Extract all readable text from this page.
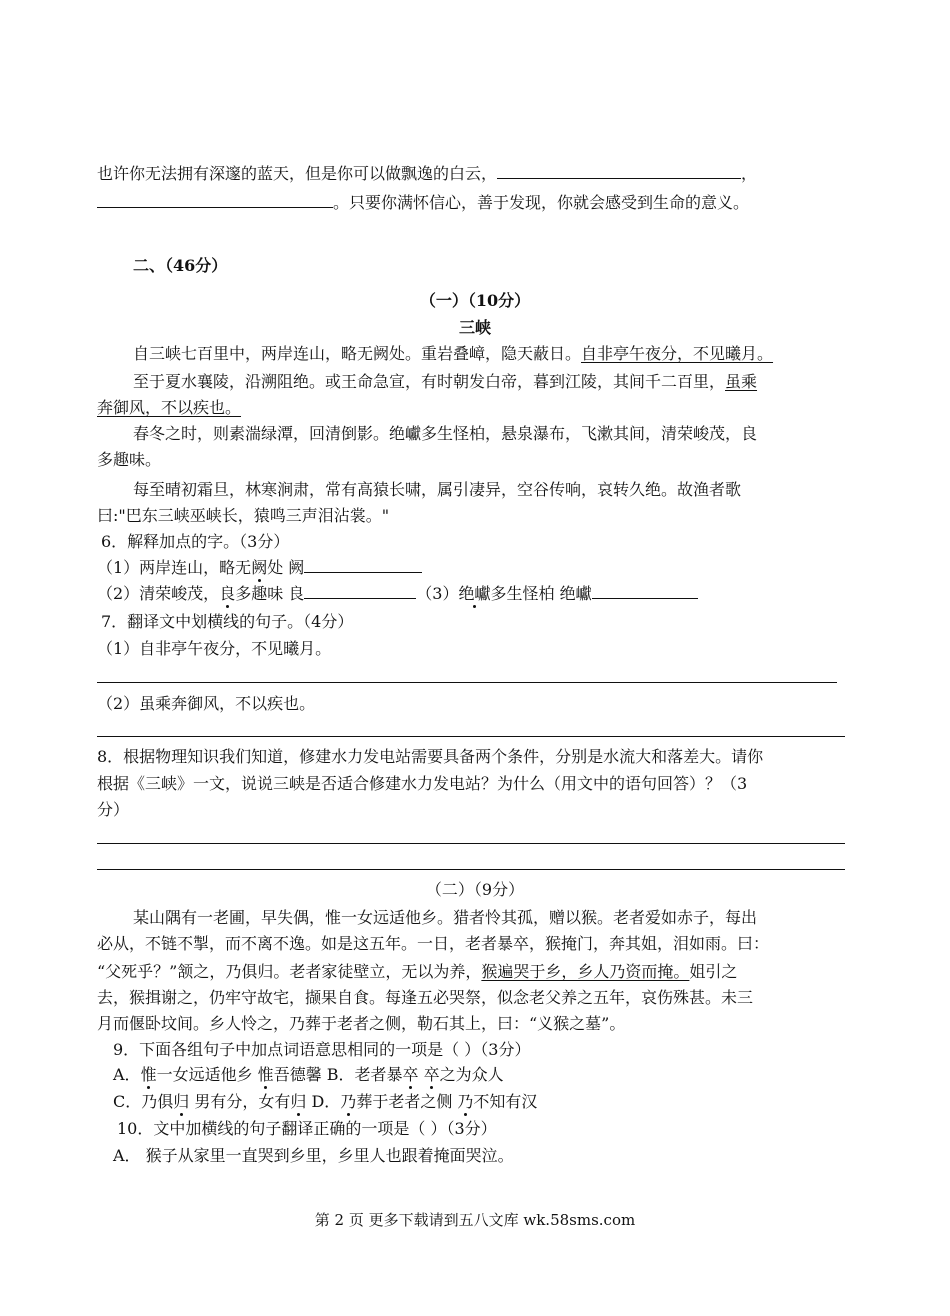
也许你无法拥有深邃的蓝天，但是你可以做飘逸的白云，	，
。只要你满怀信心，善于发现，你就会感受到生命的意义。
二、（46分）
（一）（10分）
三峡
自三峡七百里中，两岸连山，略无阙处。重岩叠嶂，隐天蔽日。自非亭午夜分，不见曦月。
至于夏水襄陵，沿溯阻绝。或王命急宣，有时朝发白帝，暮到江陵，其间千二百里，虽乘
奔御风，不以疾也。
春冬之时，则素湍绿潭，回清倒影。绝巘多生怪柏，悬泉瀑布，飞漱其间，清荣峻茂，良
多趣味。
每至晴初霜旦，林寒涧肃，常有高猿长啸，属引凄异，空谷传响，哀转久绝。故渔者歌
曰:"巴东三峡巫峡长，猿鸣三声泪沾裳。"
6．解释加点的字。（3分）
（1）两岸连山，略无阙处 阙
（2）清荣峻茂，良多趣味 良	（3）绝巘多生怪柏 绝巘
7．翻译文中划横线的句子。（4分）
（1）自非亭午夜分，不见曦月。
（2）虽乘奔御风，不以疾也。
8．根据物理知识我们知道，修建水力发电站需要具备两个条件，分别是水流大和落差大。请你
根据《三峡》一文，说说三峡是否适合修建水力发电站？为什么（用文中的语句回答）？（3
分）
（二）（9分）
某山隅有一老圃，早失偶，惟一女远适他乡。猎者怜其孤，赠以猴。老者爱如赤子，每出
必从，不链不掣，而不离不逸。如是这五年。一日，老者暴卒，猴掩门，奔其姐，泪如雨。曰：
“父死乎？”颔之，乃俱归。老者家徒壁立，无以为养，猴遍哭于乡，乡人乃资而掩。姐引之
去，猴揖谢之，仍牢守故宅，撷果自食。每逢五必哭祭，似念老父养之五年，哀伤殊甚。未三
月而偃卧坟间。乡人怜之，乃葬于老者之侧，勒石其上，曰：“义猴之墓”。
9．下面各组句子中加点词语意思相同的一项是（ ）（3分）
A．惟一女远适他乡 惟吾德馨 B．老者暴卒 卒之为众人
C．乃俱归 男有分，女有归 D．乃葬于老者之侧 乃不知有汉
10．文中加横线的句子翻译正确的一项是（ ）（3分）
A． 猴子从家里一直哭到乡里，乡里人也跟着掩面哭泣。
第 2 页 更多下载请到五八文库 wk.58sms.com
